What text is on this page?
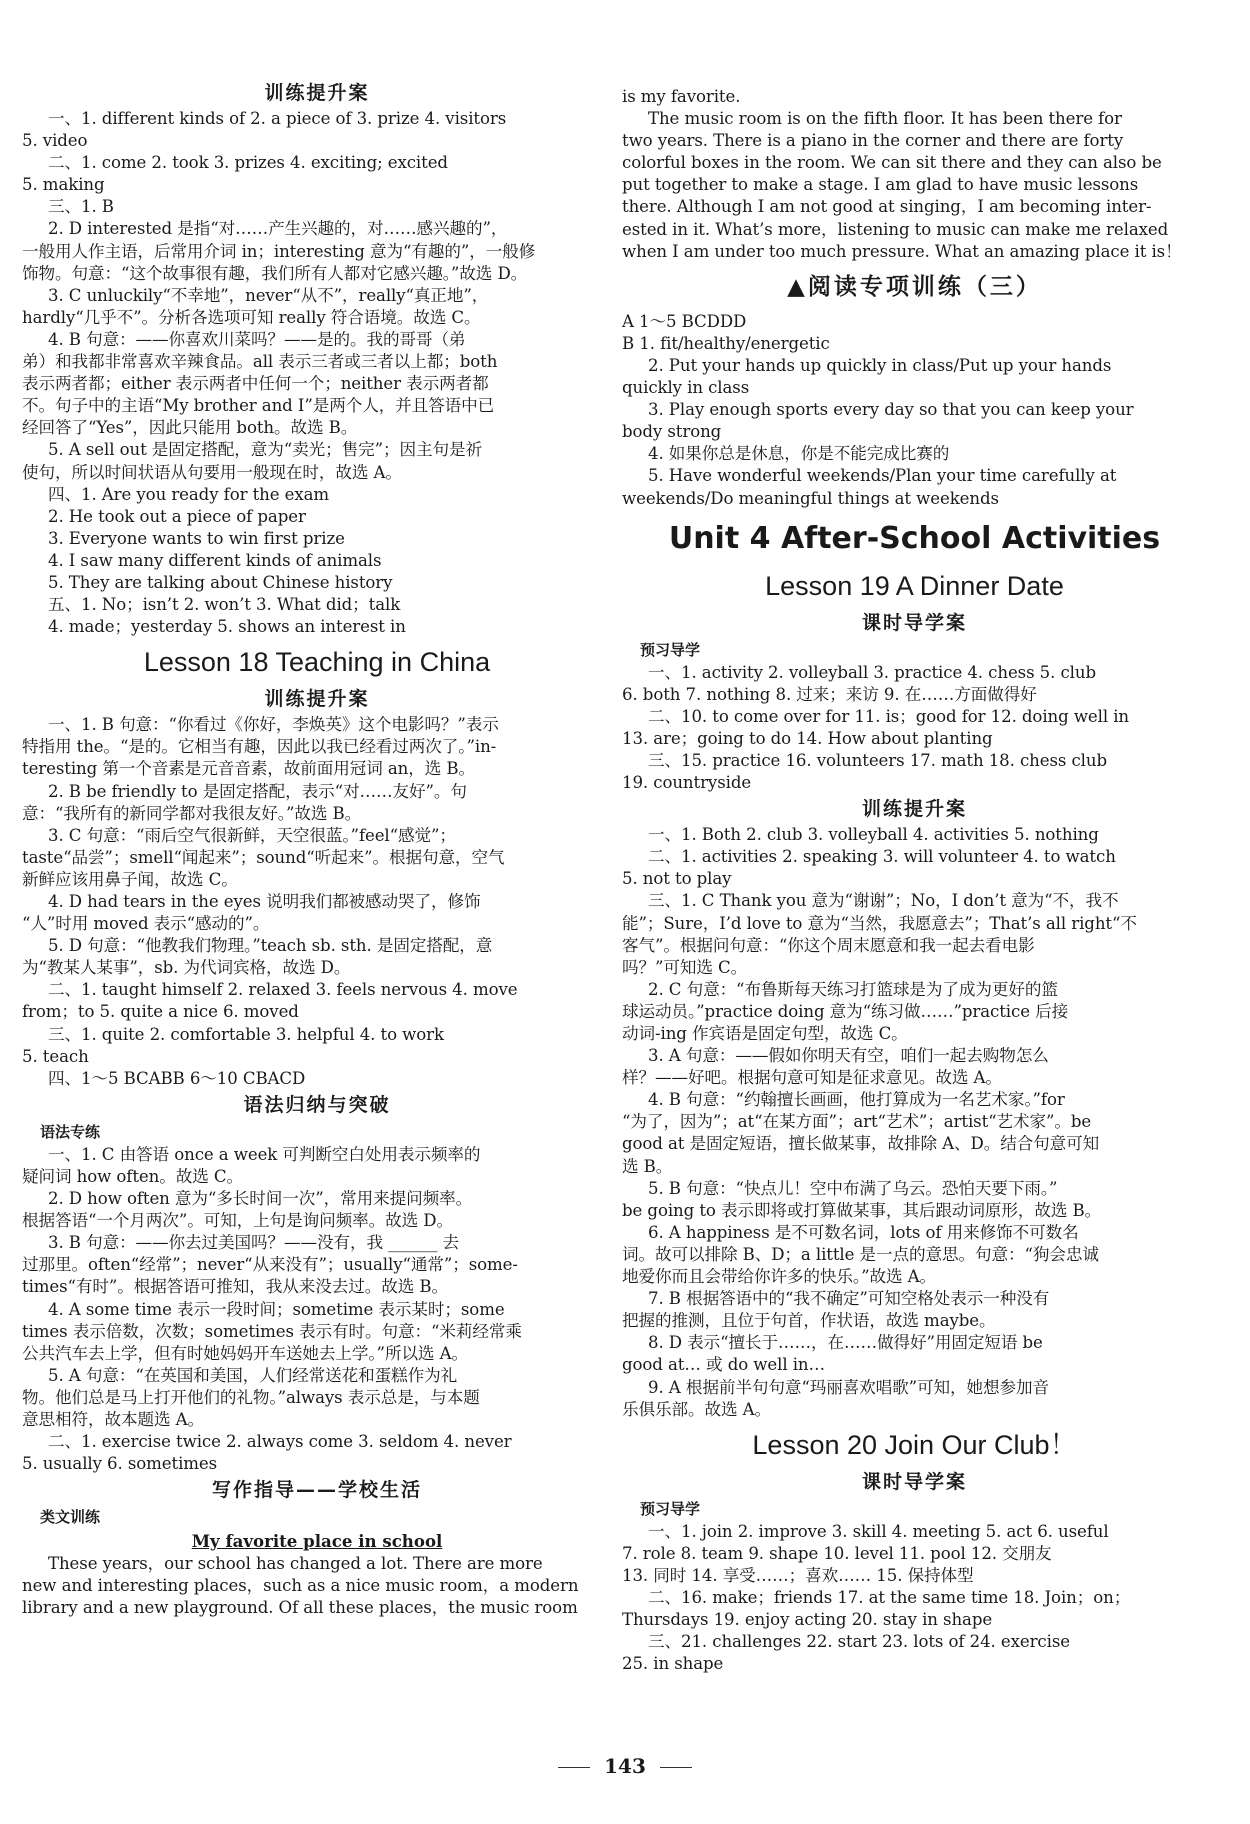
训练提升案
一、1. different kinds of 2. a piece of 3. prize 4. visitors
5. video
二、1. come 2. took 3. prizes 4. exciting; excited
5. making
三、1. B
2. D interested 是指“对……产生兴趣的，对……感兴趣的”，
一般用人作主语，后常用介词 in；interesting 意为“有趣的”，一般修
饰物。句意：“这个故事很有趣，我们所有人都对它感兴趣。”故选 D。
3. C unluckily“不幸地”，never“从不”，really“真正地”，
hardly“几乎不”。分析各选项可知 really 符合语境。故选 C。
4. B 句意：——你喜欢川菜吗？——是的。我的哥哥（弟
弟）和我都非常喜欢辛辣食品。all 表示三者或三者以上都；both
表示两者都；either 表示两者中任何一个；neither 表示两者都
不。句子中的主语“My brother and I”是两个人，并且答语中已
经回答了“Yes”，因此只能用 both。故选 B。
5. A sell out 是固定搭配，意为“卖光；售完”；因主句是祈
使句，所以时间状语从句要用一般现在时，故选 A。
四、1. Are you ready for the exam
2. He took out a piece of paper
3. Everyone wants to win first prize
4. I saw many different kinds of animals
5. They are talking about Chinese history
五、1. No；isn’t 2. won’t 3. What did；talk
4. made；yesterday 5. shows an interest in
Lesson 18 Teaching in China
训练提升案
一、1. B 句意：“你看过《你好，李焕英》这个电影吗？”表示
特指用 the。“是的。它相当有趣，因此以我已经看过两次了。”in-
teresting 第一个音素是元音音素，故前面用冠词 an，选 B。
2. B be friendly to 是固定搭配，表示“对……友好”。句
意：“我所有的新同学都对我很友好。”故选 B。
3. C 句意：“雨后空气很新鲜，天空很蓝。”feel“感觉”；
taste“品尝”；smell“闻起来”；sound“听起来”。根据句意，空气
新鲜应该用鼻子闻，故选 C。
4. D had tears in the eyes 说明我们都被感动哭了，修饰
“人”时用 moved 表示“感动的”。
5. D 句意：“他教我们物理。”teach sb. sth. 是固定搭配，意
为“教某人某事”，sb. 为代词宾格，故选 D。
二、1. taught himself 2. relaxed 3. feels nervous 4. move
from；to 5. quite a nice 6. moved
三、1. quite 2. comfortable 3. helpful 4. to work
5. teach
四、1～5 BCABB 6～10 CBACD
语法归纳与突破
语法专练
一、1. C 由答语 once a week 可判断空白处用表示频率的
疑问词 how often。故选 C。
2. D how often 意为“多长时间一次”，常用来提问频率。
根据答语“一个月两次”。可知，上句是询问频率。故选 D。
3. B 句意：——你去过美国吗？——没有，我 ______ 去
过那里。often“经常”；never“从来没有”；usually“通常”；some-
times“有时”。根据答语可推知，我从来没去过。故选 B。
4. A some time 表示一段时间；sometime 表示某时；some
times 表示倍数，次数；sometimes 表示有时。句意：“米莉经常乘
公共汽车去上学，但有时她妈妈开车送她去上学。”所以选 A。
5. A 句意：“在英国和美国，人们经常送花和蛋糕作为礼
物。他们总是马上打开他们的礼物。”always 表示总是，与本题
意思相符，故本题选 A。
二、1. exercise twice 2. always come 3. seldom 4. never
5. usually 6. sometimes
写作指导——学校生活
类文训练
My favorite place in school
These years，our school has changed a lot. There are more
new and interesting places，such as a nice music room，a modern
library and a new playground. Of all these places，the music room
is my favorite.
The music room is on the fifth floor. It has been there for
two years. There is a piano in the corner and there are forty
colorful boxes in the room. We can sit there and they can also be
put together to make a stage. I am glad to have music lessons
there. Although I am not good at singing，I am becoming inter-
ested in it. What’s more，listening to music can make me relaxed
when I am under too much pressure. What an amazing place it is！
▲阅读专项训练（三）
A 1～5 BCDDD
B 1. fit/healthy/energetic
2. Put your hands up quickly in class/Put up your hands
quickly in class
3. Play enough sports every day so that you can keep your
body strong
4. 如果你总是休息，你是不能完成比赛的
5. Have wonderful weekends/Plan your time carefully at
weekends/Do meaningful things at weekends
Unit 4 After-School Activities
Lesson 19 A Dinner Date
课时导学案
预习导学
一、1. activity 2. volleyball 3. practice 4. chess 5. club
6. both 7. nothing 8. 过来；来访 9. 在……方面做得好
二、10. to come over for 11. is；good for 12. doing well in
13. are；going to do 14. How about planting
三、15. practice 16. volunteers 17. math 18. chess club
19. countryside
训练提升案
一、1. Both 2. club 3. volleyball 4. activities 5. nothing
二、1. activities 2. speaking 3. will volunteer 4. to watch
5. not to play
三、1. C Thank you 意为“谢谢”；No，I don’t 意为“不，我不
能”；Sure，I’d love to 意为“当然，我愿意去”；That’s all right“不
客气”。根据问句意：“你这个周末愿意和我一起去看电影
吗？”可知选 C。
2. C 句意：“布鲁斯每天练习打篮球是为了成为更好的篮
球运动员。”practice doing 意为“练习做……”practice 后接
动词-ing 作宾语是固定句型，故选 C。
3. A 句意：——假如你明天有空，咱们一起去购物怎么
样？——好吧。根据句意可知是征求意见。故选 A。
4. B 句意：“约翰擅长画画，他打算成为一名艺术家。”for
“为了，因为”；at“在某方面”；art“艺术”；artist“艺术家”。be
good at 是固定短语，擅长做某事，故排除 A、D。结合句意可知
选 B。
5. B 句意：“快点儿！空中布满了乌云。恐怕天要下雨。”
be going to 表示即将或打算做某事，其后跟动词原形，故选 B。
6. A happiness 是不可数名词，lots of 用来修饰不可数名
词。故可以排除 B、D；a little 是一点的意思。句意：“狗会忠诚
地爱你而且会带给你许多的快乐。”故选 A。
7. B 根据答语中的“我不确定”可知空格处表示一种没有
把握的推测，且位于句首，作状语，故选 maybe。
8. D 表示“擅长于……，在……做得好”用固定短语 be
good at… 或 do well in…
9. A 根据前半句句意“玛丽喜欢唱歌”可知，她想参加音
乐俱乐部。故选 A。
Lesson 20 Join Our Club！
课时导学案
预习导学
一、1. join 2. improve 3. skill 4. meeting 5. act 6. useful
7. role 8. team 9. shape 10. level 11. pool 12. 交朋友
13. 同时 14. 享受……；喜欢…… 15. 保持体型
二、16. make；friends 17. at the same time 18. Join；on；
Thursdays 19. enjoy acting 20. stay in shape
三、21. challenges 22. start 23. lots of 24. exercise
25. in shape
143
